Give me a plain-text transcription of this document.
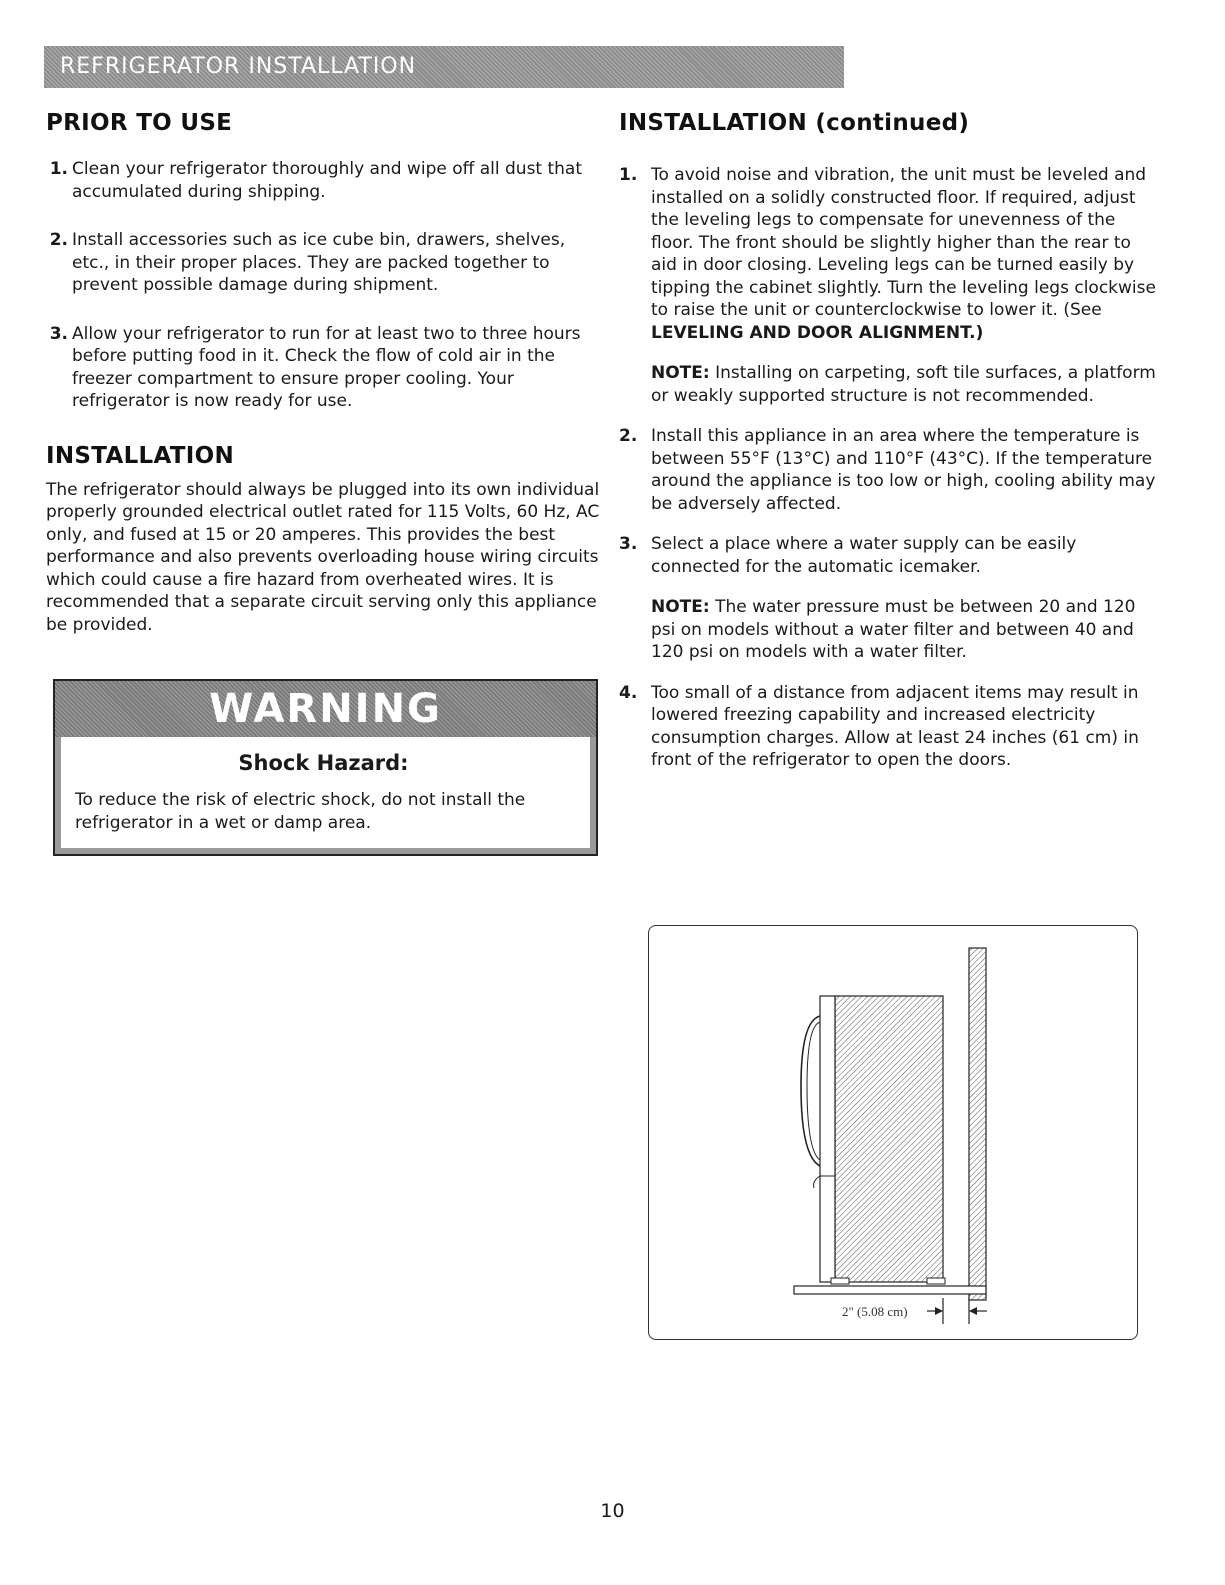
REFRIGERATOR INSTALLATION
PRIOR TO USE
1. Clean your refrigerator thoroughly and wipe off all dust that accumulated during shipping.
2. Install accessories such as ice cube bin, drawers, shelves, etc., in their proper places. They are packed together to prevent possible damage during shipment.
3. Allow your refrigerator to run for at least two to three hours before putting food in it. Check the flow of cold air in the freezer compartment to ensure proper cooling. Your refrigerator is now ready for use.
INSTALLATION

The refrigerator should always be plugged into its own individual properly grounded electrical outlet rated for 115 Volts, 60 Hz, AC only, and fused at 15 or 20 amperes. This provides the best performance and also prevents overloading house wiring circuits which could cause a fire hazard from overheated wires. It is recommended that a separate circuit serving only this appliance be provided.

WARNING
Shock Hazard:
To reduce the risk of electric shock, do not install the refrigerator in a wet or damp area.
INSTALLATION (continued)
1. To avoid noise and vibration, the unit must be leveled and installed on a solidly constructed floor. If required, adjust the leveling legs to compensate for unevenness of the floor. The front should be slightly higher than the rear to aid in door closing. Leveling legs can be turned easily by tipping the cabinet slightly. Turn the leveling legs clockwise to raise the unit or counterclockwise to lower it. (See LEVELING AND DOOR ALIGNMENT.)
NOTE: Installing on carpeting, soft tile surfaces, a platform or weakly supported structure is not recommended.
2. Install this appliance in an area where the temperature is between 55°F (13°C) and 110°F (43°C). If the temperature around the appliance is too low or high, cooling ability may be adversely affected.
3. Select a place where a water supply can be easily connected for the automatic icemaker.
NOTE: The water pressure must be between 20 and 120 psi on models without a water filter and between 40 and 120 psi on models with a water filter.
4. Too small of a distance from adjacent items may result in lowered freezing capability and increased electricity consumption charges. Allow at least 24 inches (61 cm) in front of the refrigerator to open the doors.
2" (5.08 cm)
10
